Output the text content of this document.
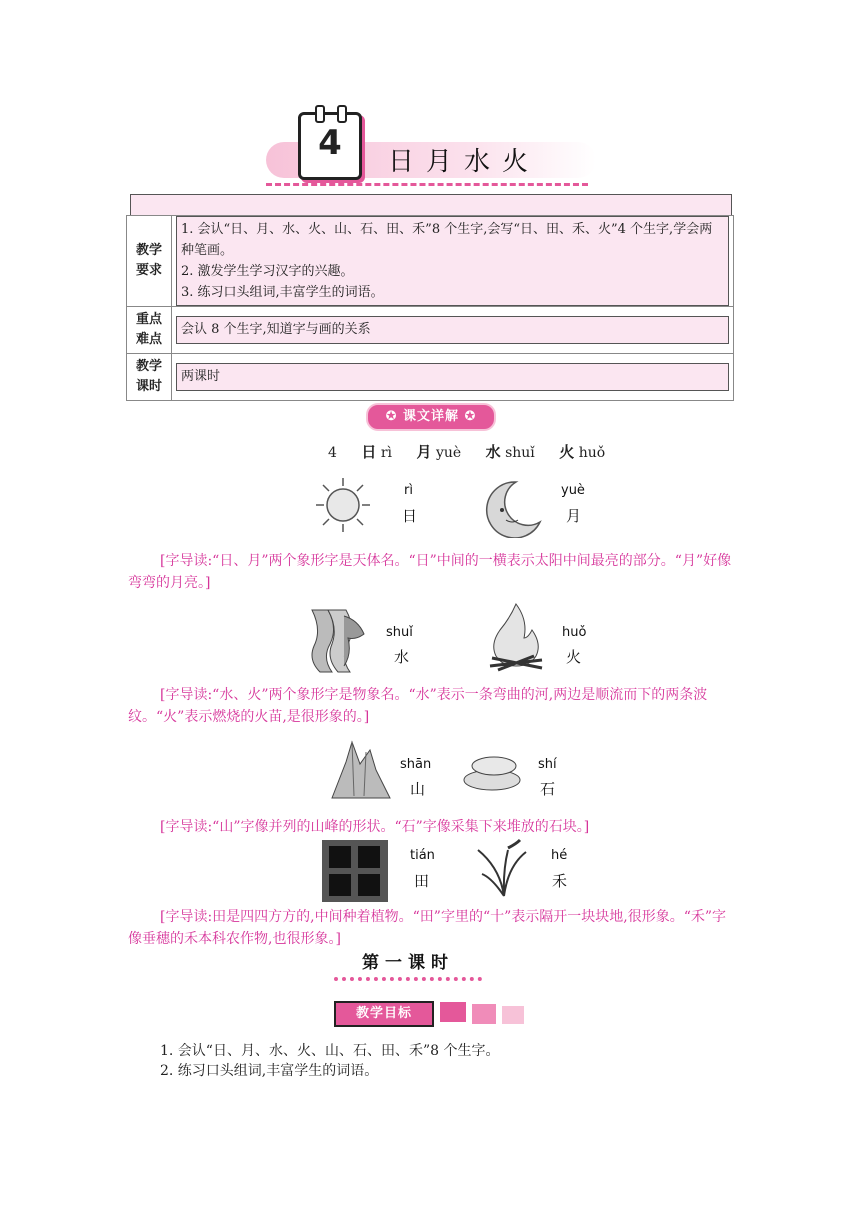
4	日月水火
教学
要求	1. 会认“日、月、水、火、山、石、田、禾”8 个生字,会写“日、田、禾、火”4 个生字,学会两种笔画。
2. 激发学生学习汉字的兴趣。
3. 练习口头组词,丰富学生的词语。

重点
难点	会认 8 个生字,知道字与画的关系

教学
课时	两课时
✪ 课文详解 ✪
4 日 rì 月 yuè 水 shuǐ 火 huǒ
rì
日
yuè
月
[字导读:“日、月”两个象形字是天体名。“日”中间的一横表示太阳中间最亮的部分。“月”好像弯弯的月亮。]
shuǐ
水
huǒ
火
[字导读:“水、火”两个象形字是物象名。“水”表示一条弯曲的河,两边是顺流而下的两条波纹。“火”表示燃烧的火苗,是很形象的。]
shān
山
shí
石
[字导读:“山”字像并列的山峰的形状。“石”字像采集下来堆放的石块。]
tián
田
hé
禾
[字导读:田是四四方方的,中间种着植物。“田”字里的“十”表示隔开一块块地,很形象。“禾”字像垂穗的禾本科农作物,也很形象。]
第一课时
教学目标
1. 会认“日、月、水、火、山、石、田、禾”8 个生字。
2. 练习口头组词,丰富学生的词语。
